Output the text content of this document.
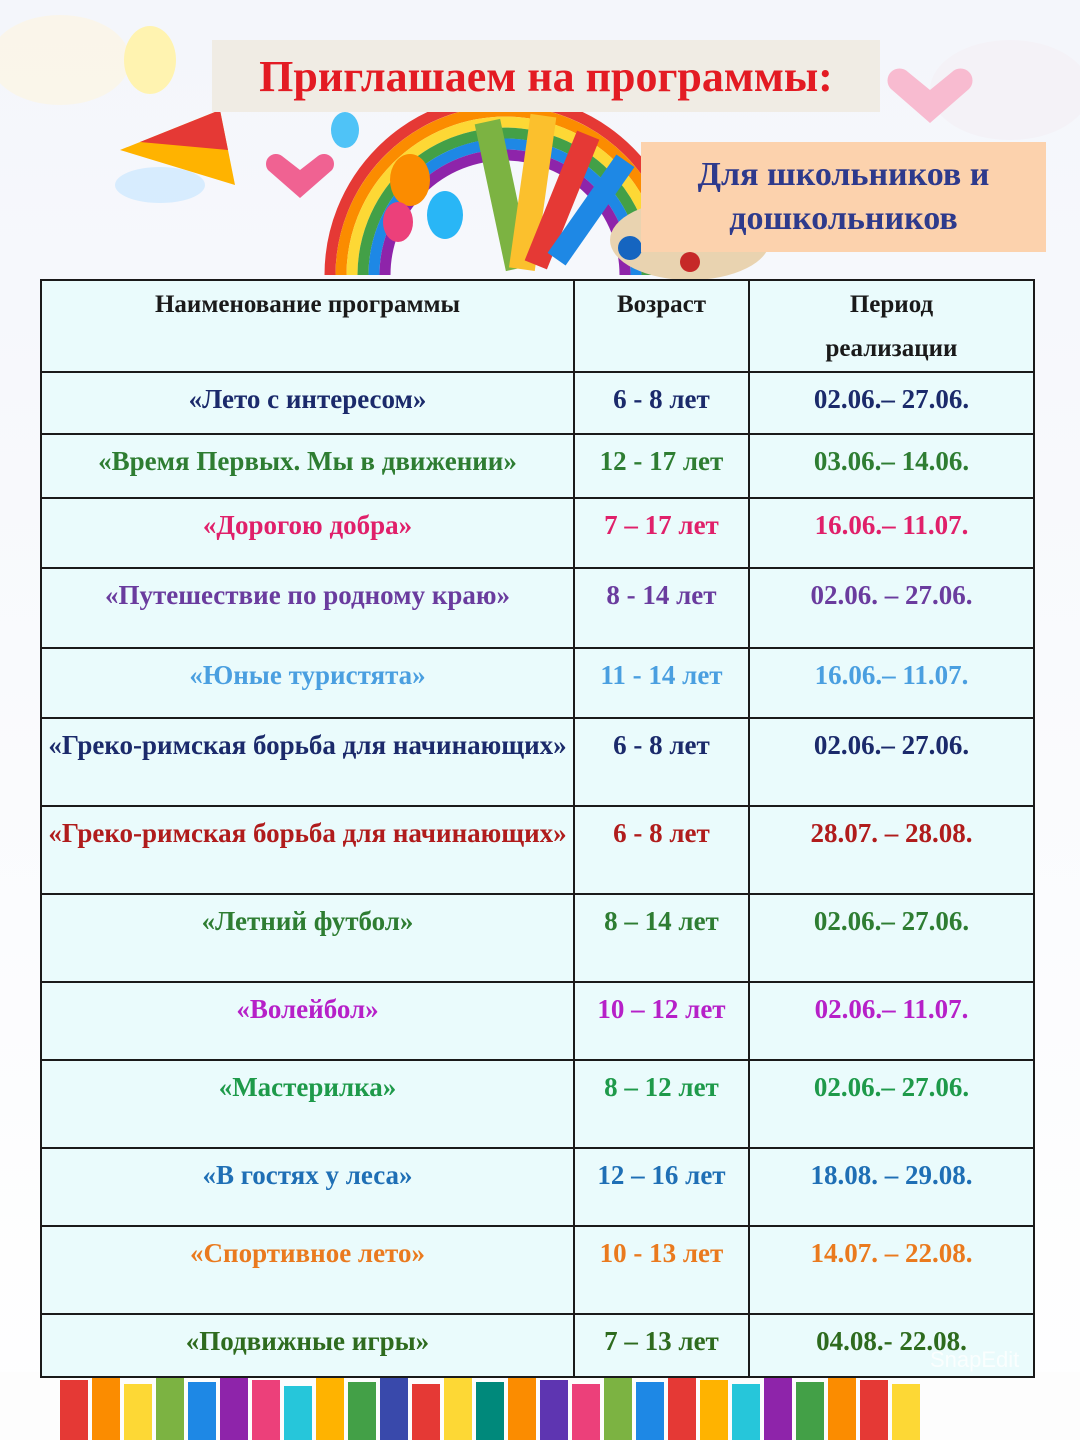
Приглашаем на программы:
Для школьников и
дошкольников
Наименование программы	Возраст	Период
реализации

«Лето с интересом»	6 - 8 лет	02.06.– 27.06.
«Время Первых. Мы в движении»	12 - 17 лет	03.06.– 14.06.
«Дорогою добра»	7 – 17 лет	16.06.– 11.07.
«Путешествие по родному краю»	8 - 14 лет	02.06. – 27.06.
«Юные туристята»	11 - 14 лет	16.06.– 11.07.
«Греко-римская борьба для начинающих»	6 - 8 лет	02.06.– 27.06.
«Греко-римская борьба для начинающих»	6 - 8 лет	28.07. – 28.08.
«Летний футбол»	8 – 14 лет	02.06.– 27.06.
«Волейбол»	10 – 12 лет	02.06.– 11.07.
«Мастерилка»	8 – 12 лет	02.06.– 27.06.
«В гостях у леса»	12 – 16 лет	18.08. – 29.08.
«Спортивное лето»	10 - 13 лет	14.07. – 22.08.
«Подвижные игры»	7 – 13 лет	04.08.- 22.08.
SnapEdit
